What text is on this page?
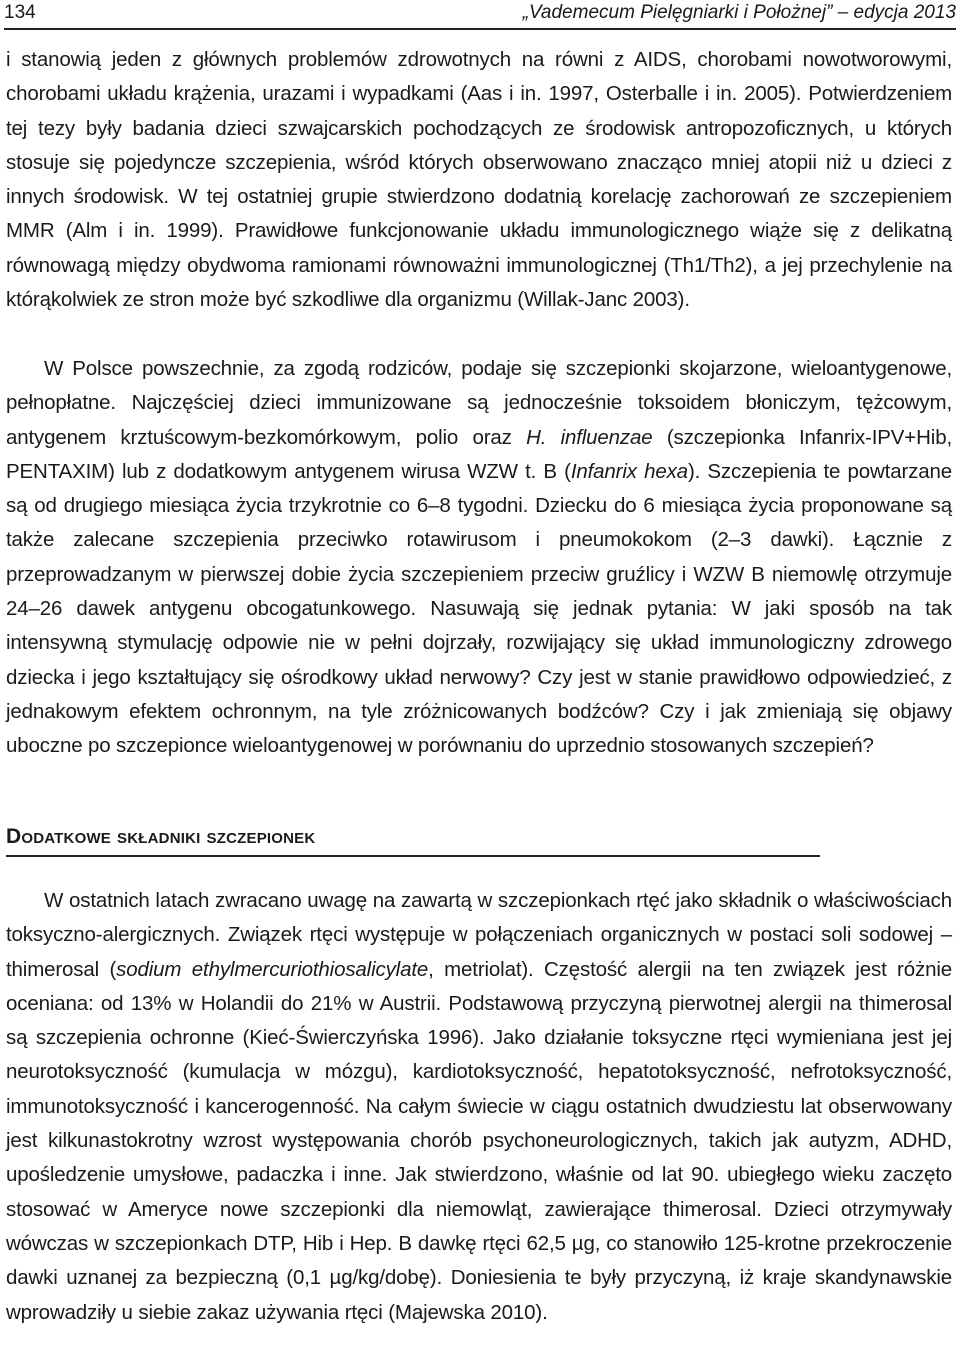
134	„Vademecum Pielęgniarki i Położnej” – edycja 2013

i stanowią jeden z głównych problemów zdrowotnych na równi z AIDS, chorobami nowotworowymi, chorobami układu krążenia, urazami i wypadkami (Aas i in. 1997, Osterballe i in. 2005). Potwierdzeniem tej tezy były badania dzieci szwajcarskich pochodzących ze środowisk antropozoficznych, u których stosuje się pojedyncze szczepienia, wśród których obserwowano znacząco mniej atopii niż u dzieci z innych środowisk. W tej ostatniej grupie stwierdzono dodatnią korelację zachorowań ze szczepieniem MMR (Alm i in. 1999). Prawidłowe funkcjonowanie układu immunologicznego wiąże się z delikatną równowagą między obydwoma ramionami równoważni immunologicznej (Th1/Th2), a jej przechylenie na którąkolwiek ze stron może być szkodliwe dla organizmu (Willak-Janc 2003).

W Polsce powszechnie, za zgodą rodziców, podaje się szczepionki skojarzone, wieloantygenowe, pełnopłatne. Najczęściej dzieci immunizowane są jednocześnie toksoidem błoniczym, tężcowym, antygenem krztuścowym-bezkomórkowym, polio oraz H. influenzae (szczepionka Infanrix-IPV+Hib, PENTAXIM) lub z dodatkowym antygenem wirusa WZW t. B (Infanrix hexa). Szczepienia te powtarzane są od drugiego miesiąca życia trzykrotnie co 6–8 tygodni. Dziecku do 6 miesiąca życia proponowane są także zalecane szczepienia przeciwko rotawirusom i pneumokokom (2–3 dawki). Łącznie z przeprowadzanym w pierwszej dobie życia szczepieniem przeciw gruźlicy i WZW B niemowlę otrzymuje 24–26 dawek antygenu obcogatunkowego. Nasuwają się jednak pytania: W jaki sposób na tak intensywną stymulację odpowie nie w pełni dojrzały, rozwijający się układ immunologiczny zdrowego dziecka i jego kształtujący się ośrodkowy układ nerwowy? Czy jest w stanie prawidłowo odpowiedzieć, z jednakowym efektem ochronnym, na tyle zróżnicowanych bodźców? Czy i jak zmieniają się objawy uboczne po szczepionce wieloantygenowej w porównaniu do uprzednio stosowanych szczepień?

Dodatkowe składniki szczepionek

W ostatnich latach zwracano uwagę na zawartą w szczepionkach rtęć jako składnik o właściwościach toksyczno-alergicznych. Związek rtęci występuje w połączeniach organicznych w postaci soli sodowej – thimerosal (sodium ethylmercuriothiosalicylate, metriolat). Częstość alergii na ten związek jest różnie oceniana: od 13% w Holandii do 21% w Austrii. Podstawową przyczyną pierwotnej alergii na thimerosal są szczepienia ochronne (Kieć-Świerczyńska 1996). Jako działanie toksyczne rtęci wymieniana jest jej neurotoksyczność (kumulacja w mózgu), kardiotoksyczność, hepatotoksyczność, nefrotoksyczność, immunotoksyczność i kancerogenność. Na całym świecie w ciągu ostatnich dwudziestu lat obserwowany jest kilkunastokrotny wzrost występowania chorób psychoneurologicznych, takich jak autyzm, ADHD, upośledzenie umysłowe, padaczka i inne. Jak stwierdzono, właśnie od lat 90. ubiegłego wieku zaczęto stosować w Ameryce nowe szczepionki dla niemowląt, zawierające thimerosal. Dzieci otrzymywały wówczas w szczepionkach DTP, Hib i Hep. B dawkę rtęci 62,5 µg, co stanowiło 125-krotne przekroczenie dawki uznanej za bezpieczną (0,1 µg/kg/dobę). Doniesienia te były przyczyną, iż kraje skandynawskie wprowadziły u siebie zakaz używania rtęci (Majewska 2010).
